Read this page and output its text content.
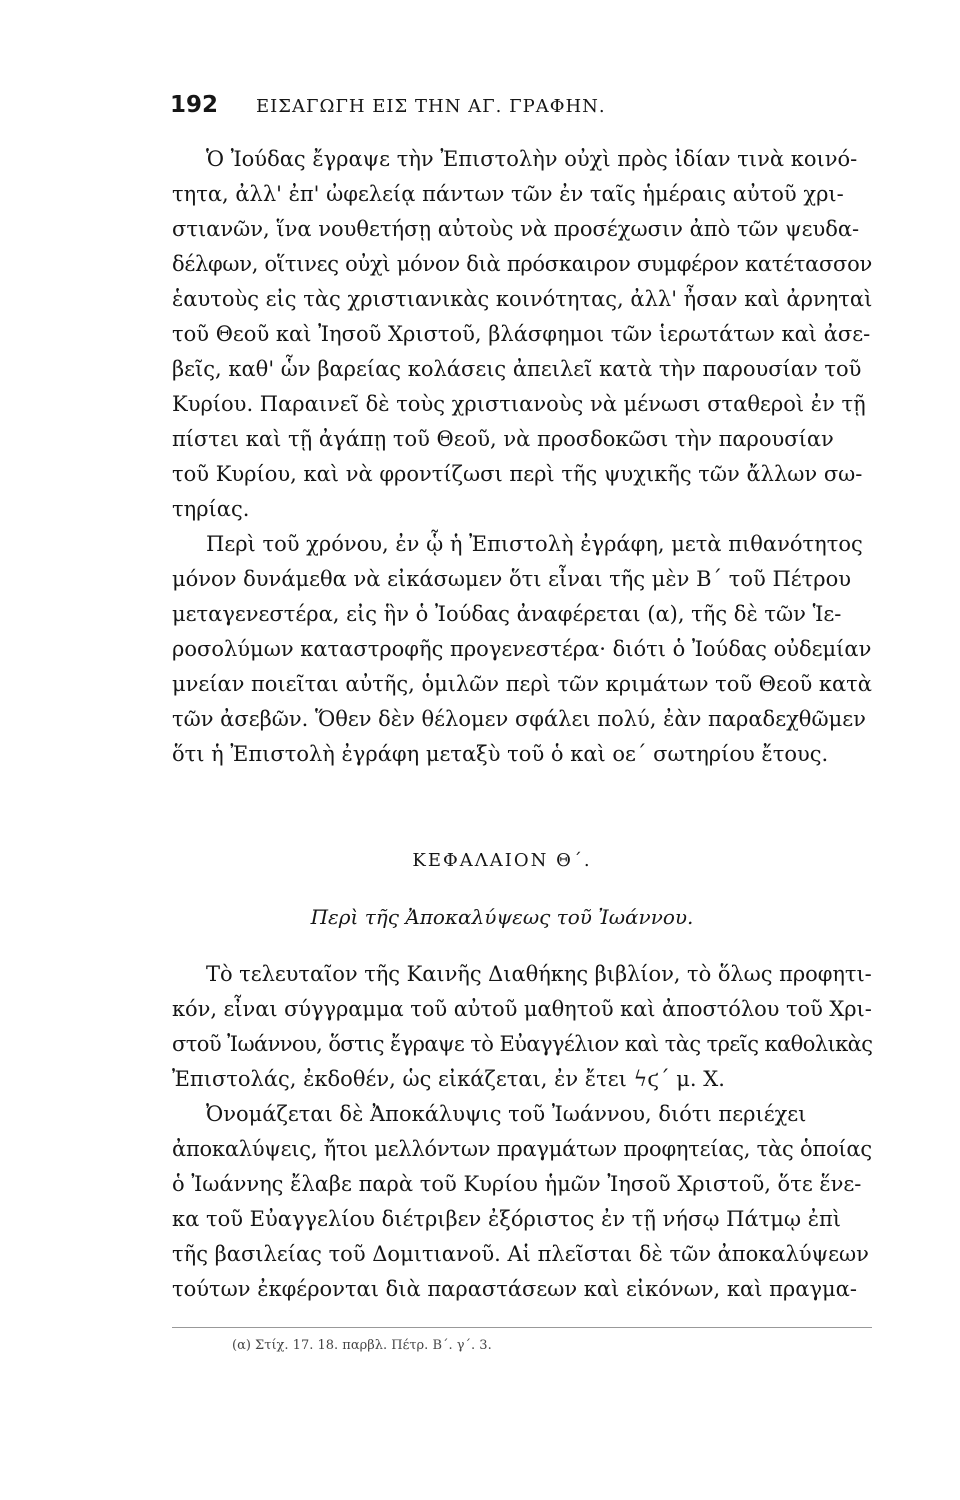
192	ΕΙΣΑΓΩΓΗ ΕΙΣ ΤΗΝ ΑΓ. ΓΡΑΦΗΝ.

Ὁ Ἰούδας ἔγραψε τὴν Ἐπιστολὴν οὐχὶ πρὸς ἰδίαν τινὰ κοινό-
τητα, ἀλλ' ἐπ' ὠφελείᾳ πάντων τῶν ἐν ταῖς ἡμέραις αὐτοῦ χρι-
στιανῶν, ἵνα νουθετήσῃ αὐτοὺς νὰ προσέχωσιν ἀπὸ τῶν ψευδα-
δέλφων, οἵτινες οὐχὶ μόνον διὰ πρόσκαιρον συμφέρον κατέτασσον
ἑαυτοὺς εἰς τὰς χριστιανικὰς κοινότητας, ἀλλ' ἦσαν καὶ ἀρνηταὶ
τοῦ Θεοῦ καὶ Ἰησοῦ Χριστοῦ, βλάσφημοι τῶν ἱερωτάτων καὶ ἀσε-
βεῖς, καθ' ὧν βαρείας κολάσεις ἀπειλεῖ κατὰ τὴν παρουσίαν τοῦ
Κυρίου. Παραινεῖ δὲ τοὺς χριστιανοὺς νὰ μένωσι σταθεροὶ ἐν τῇ
πίστει καὶ τῇ ἀγάπῃ τοῦ Θεοῦ, νὰ προσδοκῶσι τὴν παρουσίαν
τοῦ Κυρίου, καὶ νὰ φροντίζωσι περὶ τῆς ψυχικῆς τῶν ἄλλων σω-
τηρίας.

Περὶ τοῦ χρόνου, ἐν ᾧ ἡ Ἐπιστολὴ ἐγράφη, μετὰ πιθανότητος
μόνον δυνάμεθα νὰ εἰκάσωμεν ὅτι εἶναι τῆς μὲν Β΄ τοῦ Πέτρου
μεταγενεστέρα, εἰς ἣν ὁ Ἰούδας ἀναφέρεται (α), τῆς δὲ τῶν Ἱε-
ροσολύμων καταστροφῆς προγενεστέρα· διότι ὁ Ἰούδας οὐδεμίαν
μνείαν ποιεῖται αὐτῆς, ὁμιλῶν περὶ τῶν κριμάτων τοῦ Θεοῦ κατὰ
τῶν ἀσεβῶν. Ὅθεν δὲν θέλομεν σφάλει πολύ, ἐὰν παραδεχθῶμεν
ὅτι ἡ Ἐπιστολὴ ἐγράφη μεταξὺ τοῦ ὁ καὶ οε΄ σωτηρίου ἔτους.

ΚΕΦΑΛΑΙΟΝ Θ΄.
Περὶ τῆς Ἀποκαλύψεως τοῦ Ἰωάννου.

Τὸ τελευταῖον τῆς Καινῆς Διαθήκης βιβλίον, τὸ ὅλως προφητι-
κόν, εἶναι σύγγραμμα τοῦ αὐτοῦ μαθητοῦ καὶ ἀποστόλου τοῦ Χρι-
στοῦ Ἰωάννου, ὅστις ἔγραψε τὸ Εὐαγγέλιον καὶ τὰς τρεῖς καθολικὰς
Ἐπιστολάς, ἐκδοθέν, ὡς εἰκάζεται, ἐν ἔτει ϟϛ΄ μ. Χ.

Ὀνομάζεται δὲ Ἀποκάλυψις τοῦ Ἰωάννου, διότι περιέχει
ἀποκαλύψεις, ἤτοι μελλόντων πραγμάτων προφητείας, τὰς ὁποίας
ὁ Ἰωάννης ἔλαβε παρὰ τοῦ Κυρίου ἡμῶν Ἰησοῦ Χριστοῦ, ὅτε ἕνε-
κα τοῦ Εὐαγγελίου διέτριβεν ἐξόριστος ἐν τῇ νήσῳ Πάτμῳ ἐπὶ
τῆς βασιλείας τοῦ Δομιτιανοῦ. Αἱ πλεῖσται δὲ τῶν ἀποκαλύψεων
τούτων ἐκφέρονται διὰ παραστάσεων καὶ εἰκόνων, καὶ πραγμα-

(α) Στίχ. 17. 18. παρβλ. Πέτρ. Β΄. γ΄. 3.
